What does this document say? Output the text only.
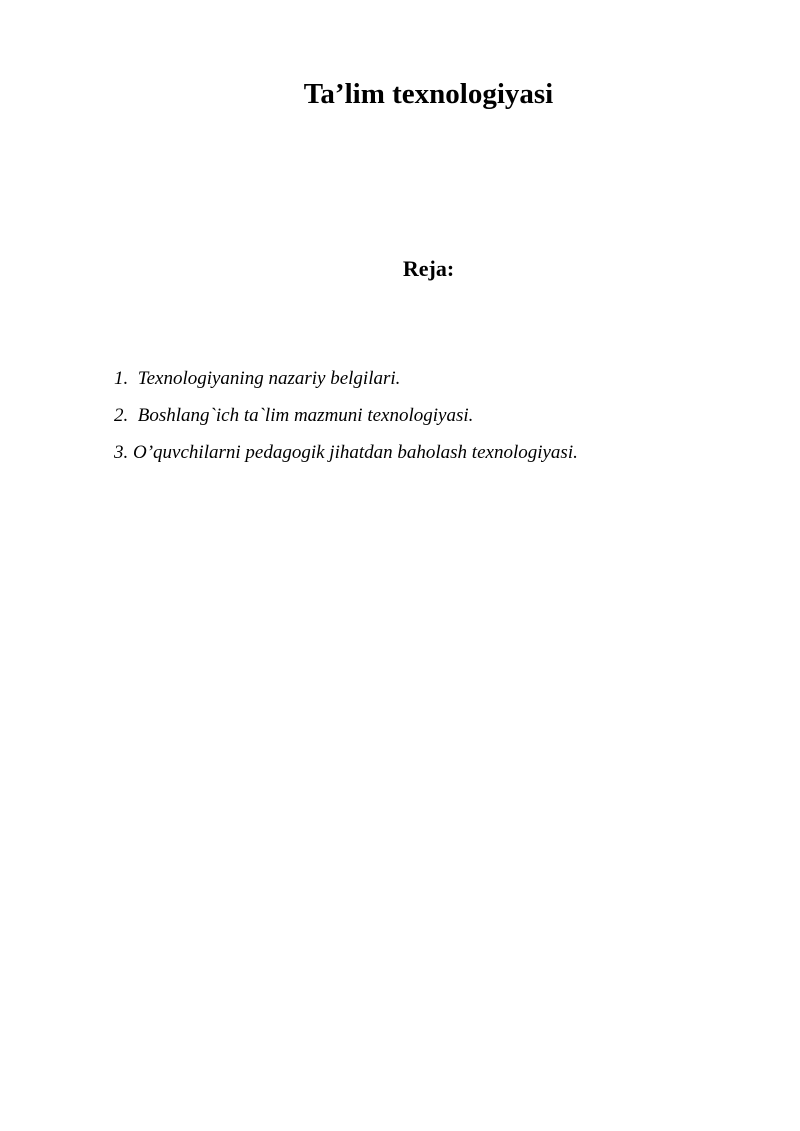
Ta’lim texnologiyasi
Reja:
1. Texnologiyaning nazariy belgilari.
2. Boshlang`ich ta`lim mazmuni texnologiyasi.
3. O’quvchilarni pedagogik jihatdan baholash texnologiyasi.
